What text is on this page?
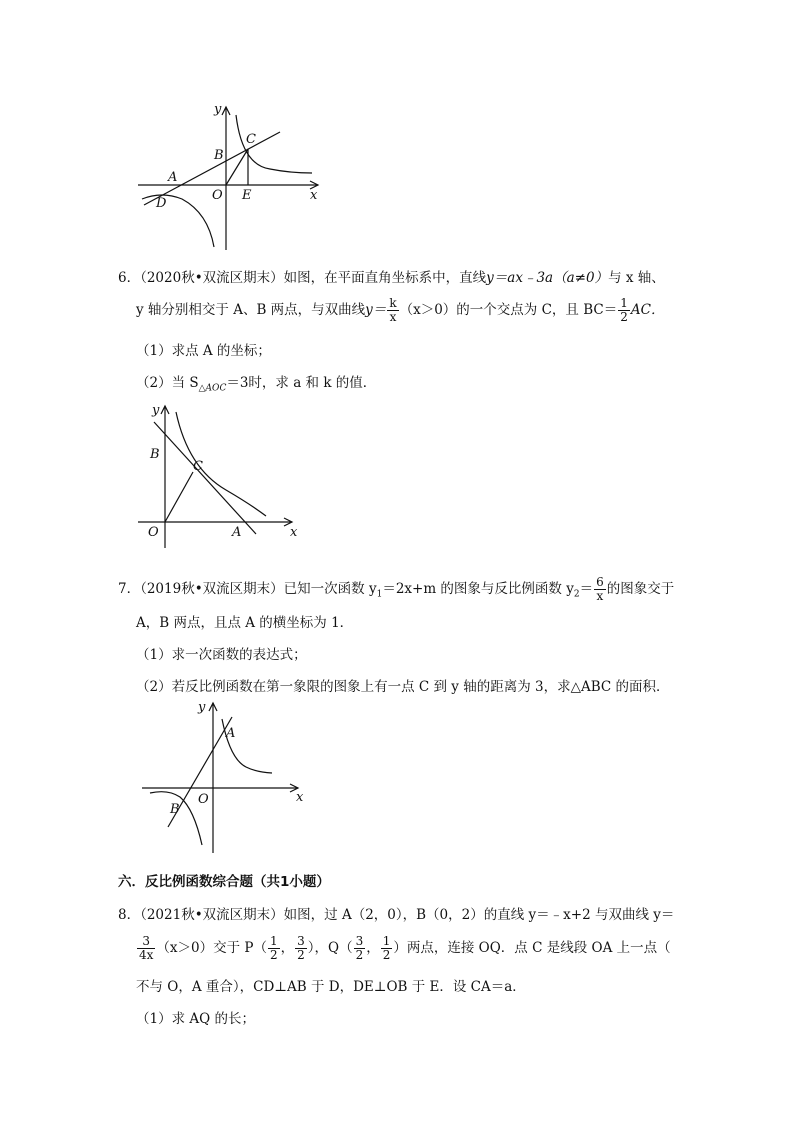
y
x
C
B
A
O E
D
6．（2020秋•双流区期末）如图，在平面直角坐标系中，直线y＝ax﹣3a（a≠0）与 x 轴、
y 轴分别相交于 A、B 两点，与双曲线$y= \frac{k}{x} (x>0)$的一个交点为 C，且 $BC= \frac{1}{2}$ AC．
（1）求点 A 的坐标；
（2）当 $S_{\triangle AOC}=3$时，求 a 和 k 的值．
y
B
C
O	A	x
7．（2019秋•双流区期末）已知一次函数 $y_1=2x+m$ 的图象与反比例函数 $y_2= \frac{6}{x}$ 的图象交于
A，B 两点，且点 A 的横坐标为 1．
（1）求一次函数的表达式；
（2）若反比例函数在第一象限的图象上有一点 C 到 y 轴的距离为 3，求△ABC 的面积．
y
A
x
O
B
六．反比例函数综合题（共1小题）
8．（2021秋•双流区期末）如图，过 A（2，0），B（0，2）的直线 y＝﹣x+2 与双曲线 y＝
$\frac{3}{4x} (x>0)$交于 $P( \frac{1}{2}$ ， $\frac{3}{2}$ ），$Q( \frac{3}{2}$ ， $\frac{1}{2}$ ）两点，连接 OQ．点 C 是线段 OA 上一点（
不与 O，A 重合），CD⊥AB 于 D，DE⊥OB 于 E．设 CA＝a．
（1）求 AQ 的长；
